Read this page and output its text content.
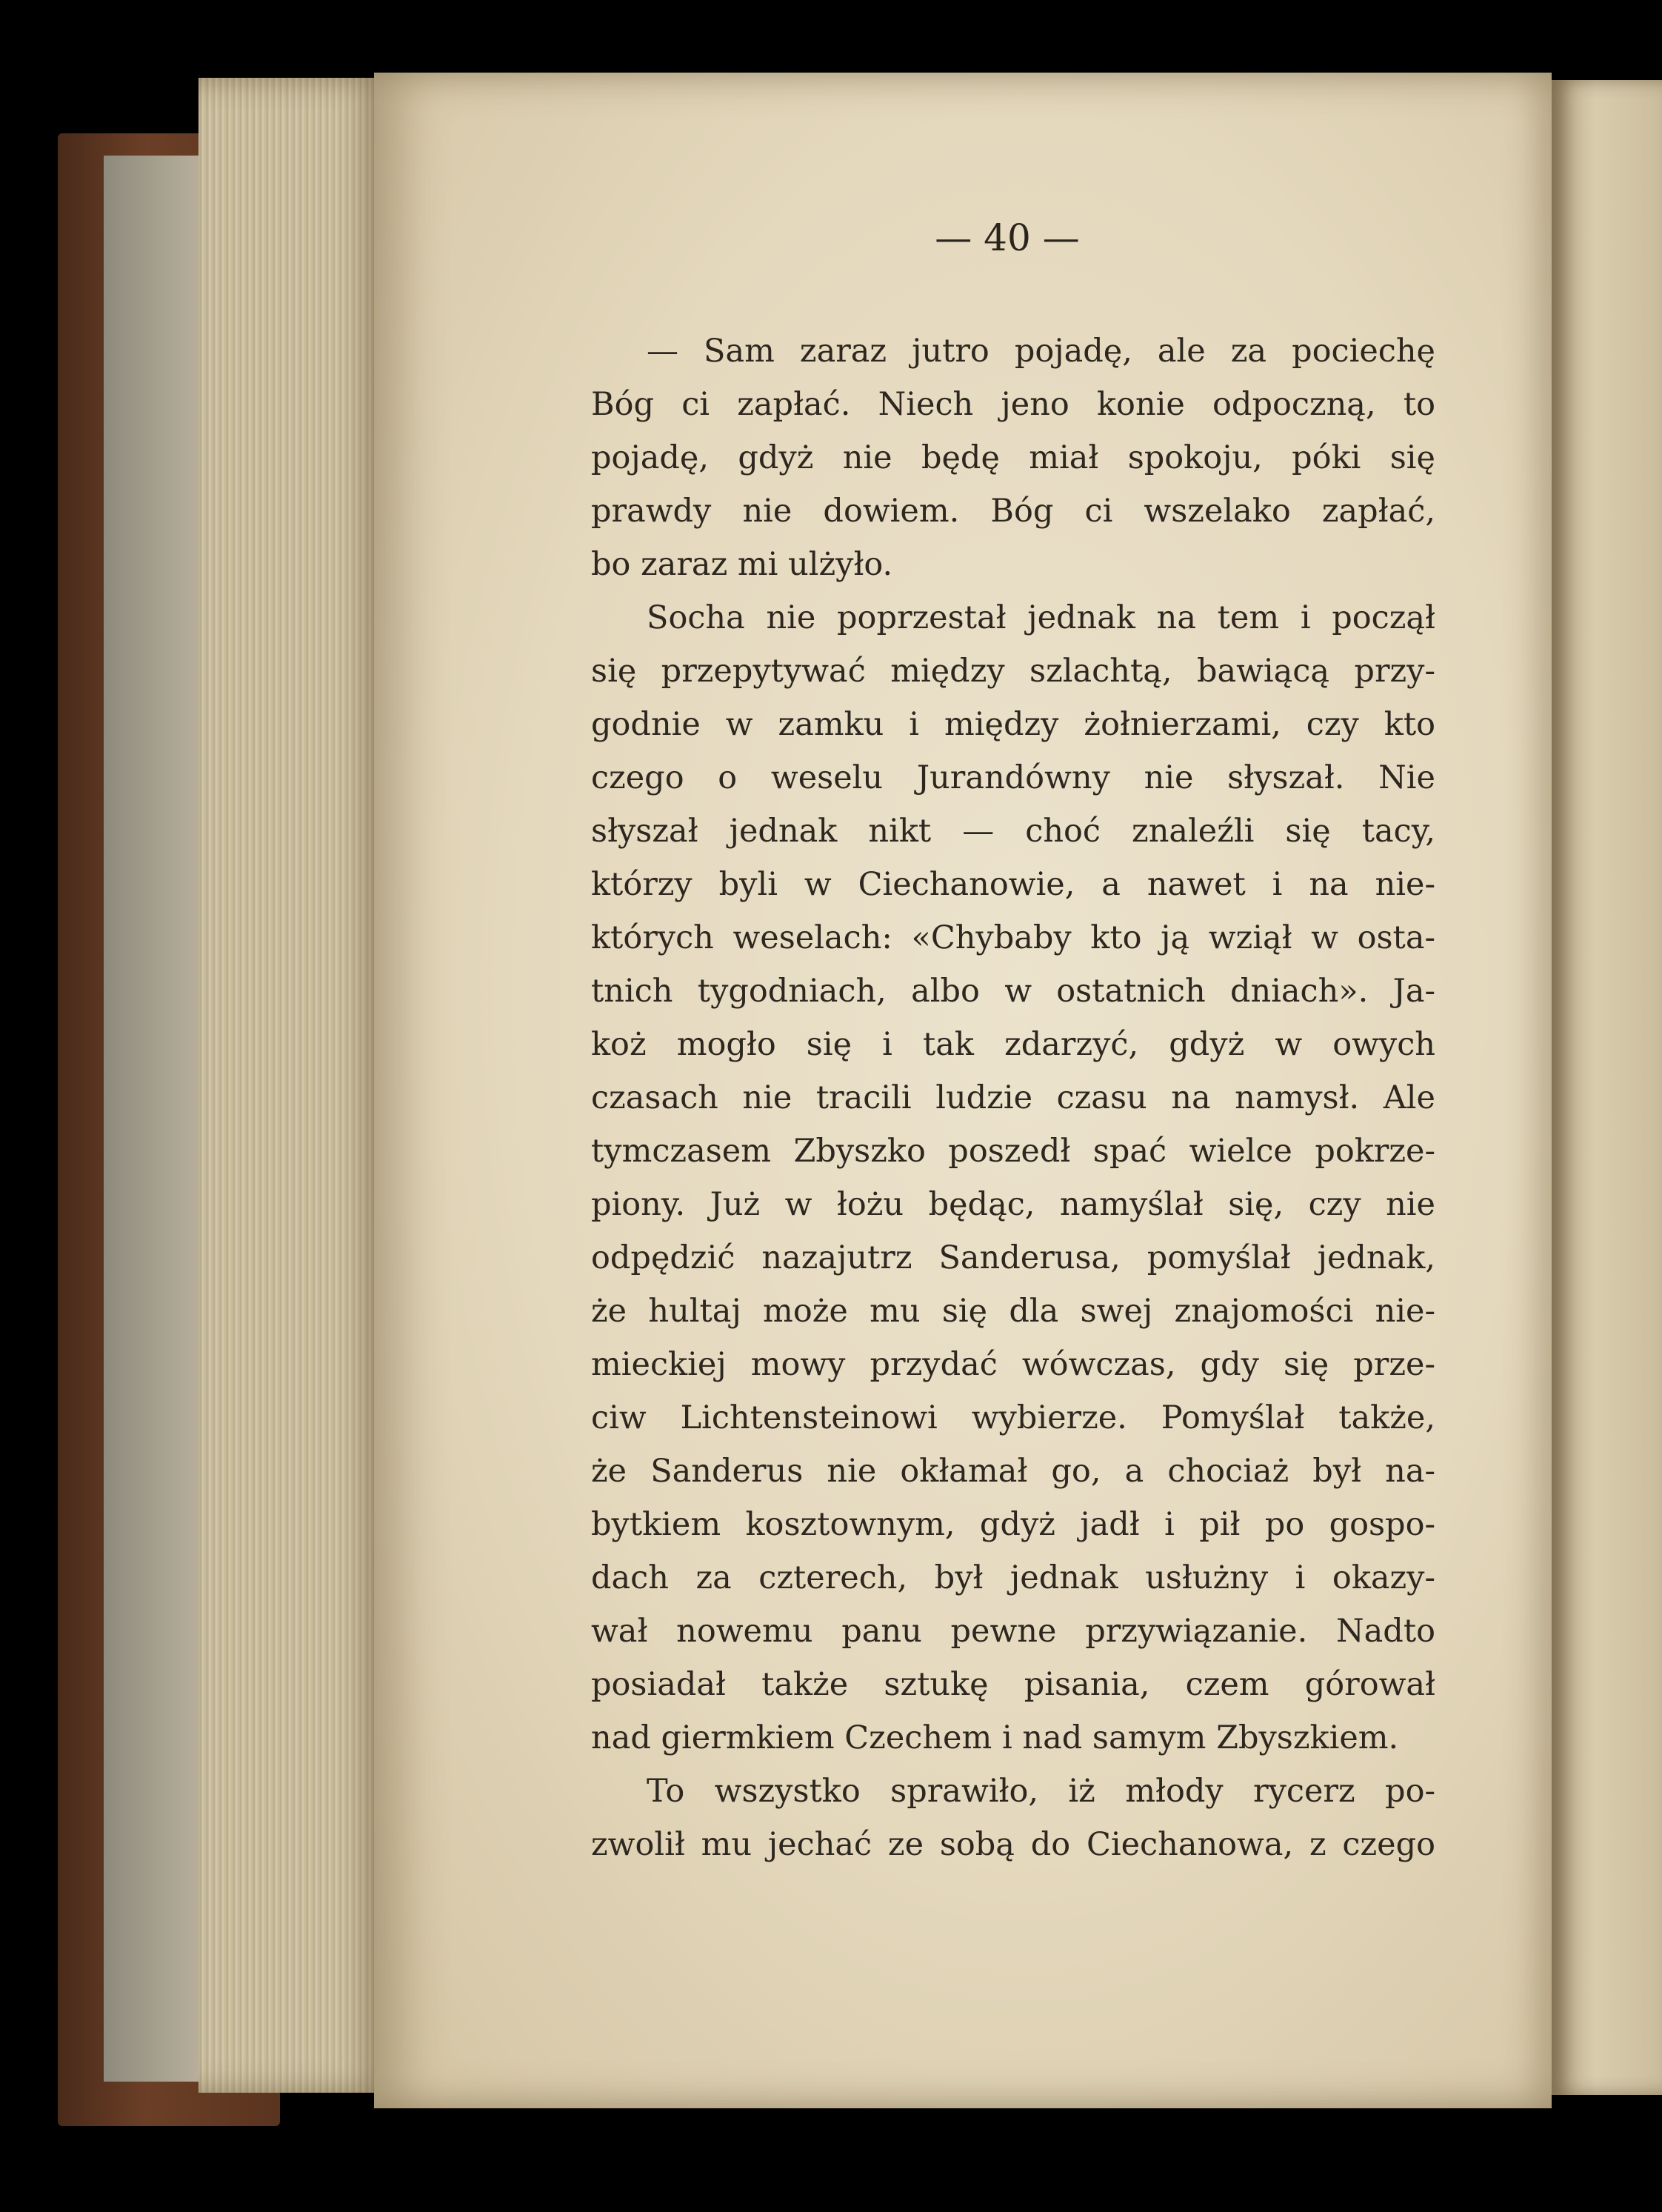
— 40 —
— Sam zaraz jutro pojadę, ale za pociechę
Bóg ci zapłać. Niech jeno konie odpoczną, to
pojadę, gdyż nie będę miał spokoju, póki się
prawdy nie dowiem. Bóg ci wszelako zapłać,
bo zaraz mi ulżyło.
Socha nie poprzestał jednak na tem i począł
się przepytywać między szlachtą, bawiącą przy-
godnie w zamku i między żołnierzami, czy kto
czego o weselu Jurandówny nie słyszał. Nie
słyszał jednak nikt — choć znaleźli się tacy,
którzy byli w Ciechanowie, a nawet i na nie-
których weselach: «Chybaby kto ją wziął w osta-
tnich tygodniach, albo w ostatnich dniach». Ja-
koż mogło się i tak zdarzyć, gdyż w owych
czasach nie tracili ludzie czasu na namysł. Ale
tymczasem Zbyszko poszedł spać wielce pokrze-
piony. Już w łożu będąc, namyślał się, czy nie
odpędzić nazajutrz Sanderusa, pomyślał jednak,
że hultaj może mu się dla swej znajomości nie-
mieckiej mowy przydać wówczas, gdy się prze-
ciw Lichtensteinowi wybierze. Pomyślał także,
że Sanderus nie okłamał go, a chociaż był na-
bytkiem kosztownym, gdyż jadł i pił po gospo-
dach za czterech, był jednak usłużny i okazy-
wał nowemu panu pewne przywiązanie. Nadto
posiadał także sztukę pisania, czem górował
nad giermkiem Czechem i nad samym Zbyszkiem.
To wszystko sprawiło, iż młody rycerz po-
zwolił mu jechać ze sobą do Ciechanowa, z czego
